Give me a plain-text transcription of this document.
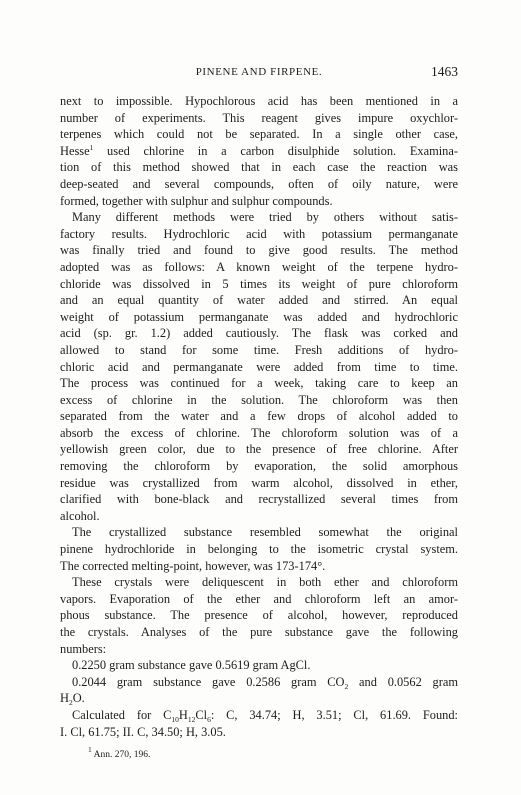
PINENE AND FIRPENE.	1463

next to impossible. Hypochlorous acid has been mentioned in a

number of experiments. This reagent gives impure oxychlor-

terpenes which could not be separated. In a single other case,

Hesse$^1$ used chlorine in a carbon disulphide solution. Examina-

tion of this method showed that in each case the reaction was

deep-seated and several compounds, often of oily nature, were

formed, together with sulphur and sulphur compounds.

Many different methods were tried by others without satis-

factory results. Hydrochloric acid with potassium permanganate

was finally tried and found to give good results. The method

adopted was as follows: A known weight of the terpene hydro-

chloride was dissolved in 5 times its weight of pure chloroform

and an equal quantity of water added and stirred. An equal

weight of potassium permanganate was added and hydrochloric

acid (sp. gr. 1.2) added cautiously. The flask was corked and

allowed to stand for some time. Fresh additions of hydro-

chloric acid and permanganate were added from time to time.

The process was continued for a week, taking care to keep an

excess of chlorine in the solution. The chloroform was then

separated from the water and a few drops of alcohol added to

absorb the excess of chlorine. The chloroform solution was of a

yellowish green color, due to the presence of free chlorine. After

removing the chloroform by evaporation, the solid amorphous

residue was crystallized from warm alcohol, dissolved in ether,

clarified with bone-black and recrystallized several times from

alcohol.

The crystallized substance resembled somewhat the original

pinene hydrochloride in belonging to the isometric crystal system.

The corrected melting-point, however, was 173-174°.

These crystals were deliquescent in both ether and chloroform

vapors. Evaporation of the ether and chloroform left an amor-

phous substance. The presence of alcohol, however, reproduced

the crystals. Analyses of the pure substance gave the following

numbers:

0.2250 gram substance gave 0.5619 gram AgCl.

0.2044 gram substance gave 0.2586 gram $CO_2$ and 0.0562 gram

$H_2O$.

Calculated for $C_{10}H_{12}Cl_6$: C, 34.74; H, 3.51; Cl, 61.69. Found:

I. Cl, 61.75; II. C, 34.50; H, 3.05.

$^1$ Ann. 270, 196.
